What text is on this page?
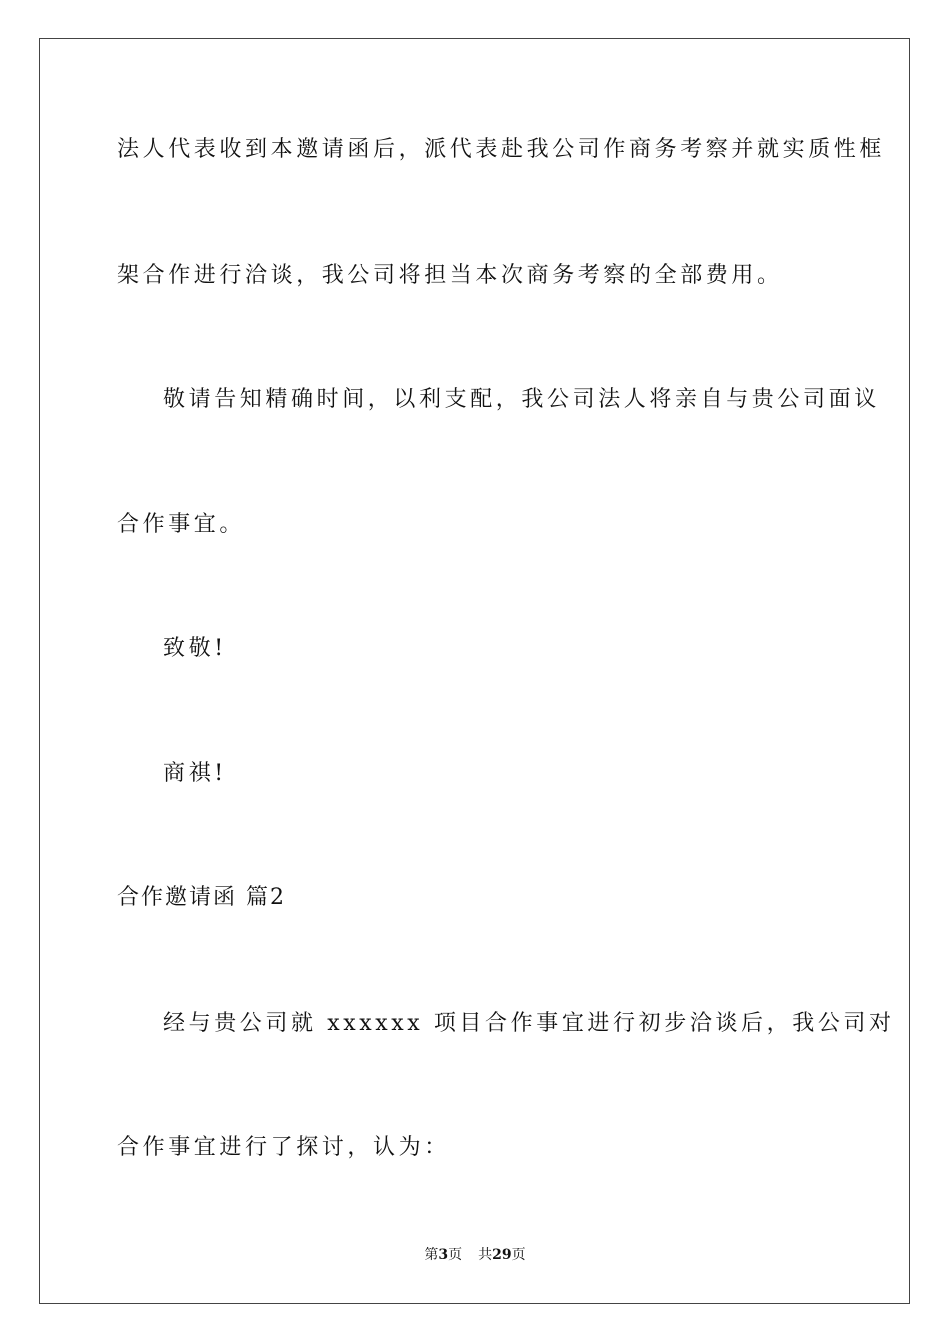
法人代表收到本邀请函后，派代表赴我公司作商务考察并就实质性框
架合作进行洽谈，我公司将担当本次商务考察的全部费用。
敬请告知精确时间，以利支配，我公司法人将亲自与贵公司面议
合作事宜。
致敬!
商祺!
合作邀请函 篇2
经与贵公司就 xxxxxx 项目合作事宜进行初步洽谈后，我公司对
合作事宜进行了探讨，认为：
第3页 共29页
